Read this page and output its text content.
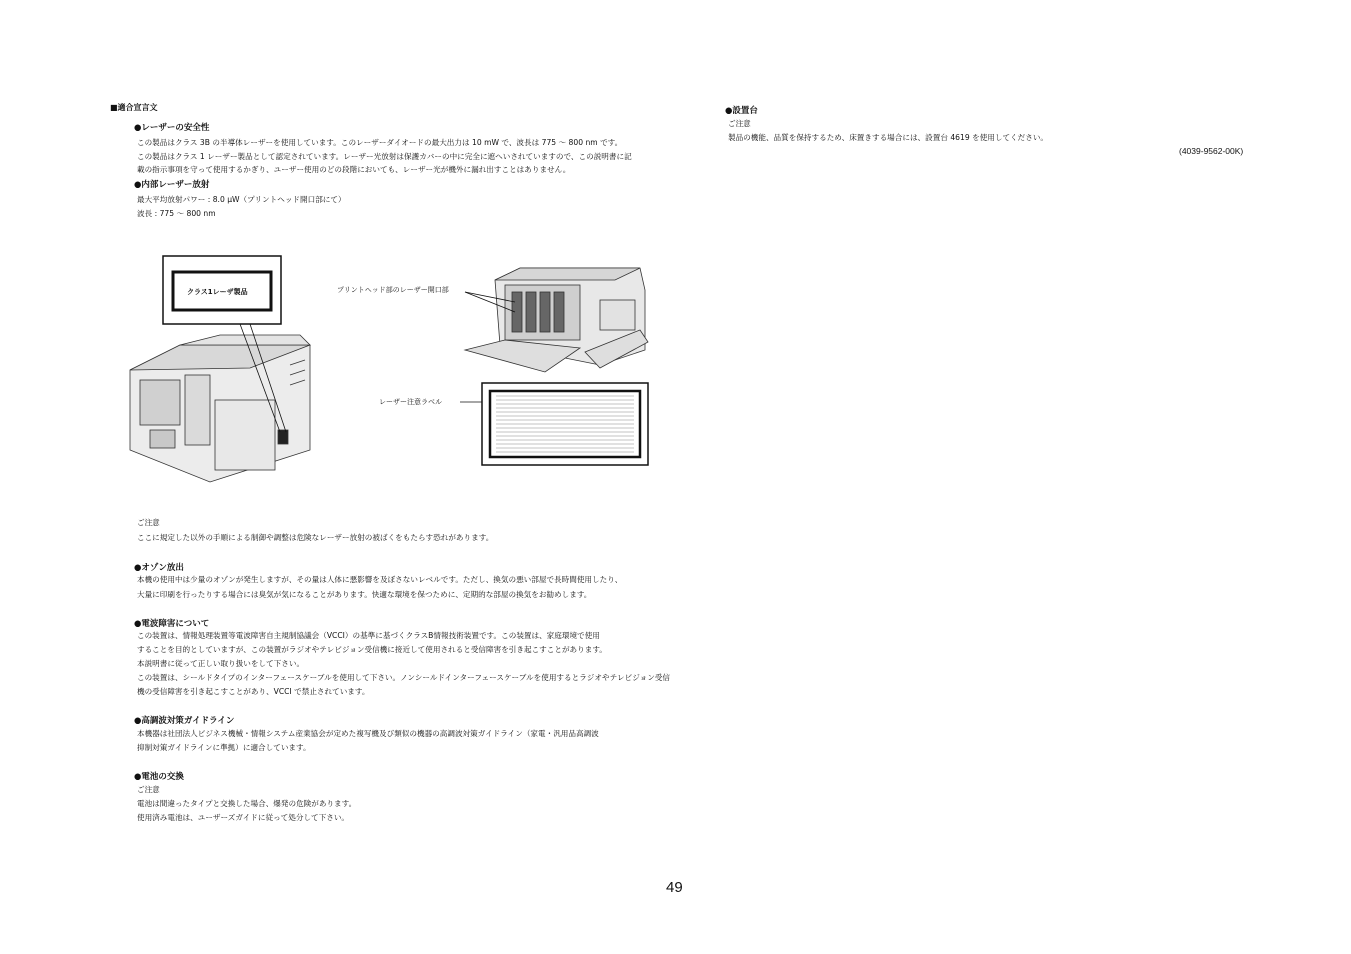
■適合宣言文
●レーザーの安全性
この製品はクラス 3B の半導体レーザーを使用しています。このレーザーダイオードの最大出力は 10 mW で、波長は 775 〜 800 nm です。
この製品はクラス 1 レーザー製品として認定されています。レーザー光放射は保護カバーの中に完全に遮へいされていますので、この説明書に記
載の指示事項を守って使用するかぎり、ユーザー使用のどの段階においても、レーザー光が機外に漏れ出すことはありません。
●内部レーザー放射
最大平均放射パワー : 8.0 µW（プリントヘッド開口部にて）
波長 : 775 〜 800 nm
クラス1レーザ製品	プリントヘッド部のレーザー開口部
レーザー注意ラベル
ご注意
ここに規定した以外の手順による制御や調整は危険なレーザー放射の被ばくをもたらす恐れがあります。
●オゾン放出
本機の使用中は少量のオゾンが発生しますが、その量は人体に悪影響を及ぼさないレベルです。ただし、換気の悪い部屋で長時間使用したり、
大量に印刷を行ったりする場合には臭気が気になることがあります。快適な環境を保つために、定期的な部屋の換気をお勧めします。
●電波障害について
この装置は、情報処理装置等電波障害自主規制協議会（VCCI）の基準に基づくクラスB情報技術装置です。この装置は、家庭環境で使用
することを目的としていますが、この装置がラジオやテレビジョン受信機に接近して使用されると受信障害を引き起こすことがあります。
本説明書に従って正しい取り扱いをして下さい。
この装置は、シールドタイプのインターフェースケーブルを使用して下さい。ノンシールドインターフェースケーブルを使用するとラジオやテレビジョン受信
機の受信障害を引き起こすことがあり、VCCI で禁止されています。
●高調波対策ガイドライン
本機器は社団法人ビジネス機械・情報システム産業協会が定めた複写機及び類似の機器の高調波対策ガイドライン（家電・汎用品高調波
抑制対策ガイドラインに準拠）に適合しています。
●電池の交換
ご注意
電池は間違ったタイプと交換した場合、爆発の危険があります。
使用済み電池は、ユーザーズガイドに従って処分して下さい。
●設置台
ご注意
製品の機能、品質を保持するため、床置きする場合には、設置台 4619 を使用してください。
(4039-9562-00K)
49
